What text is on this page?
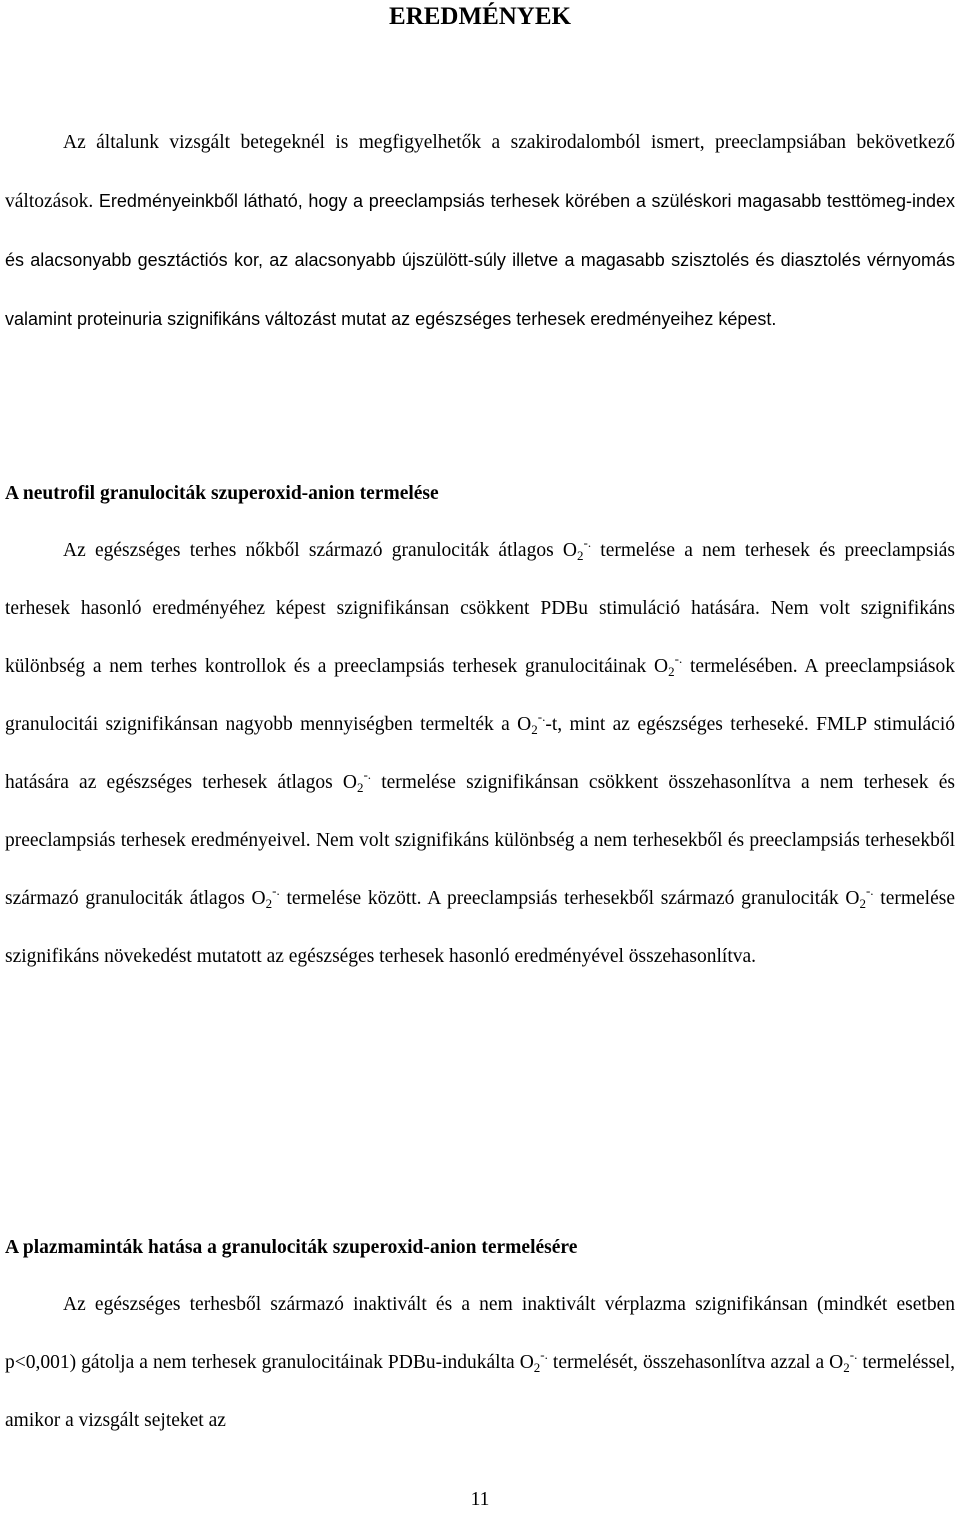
EREDMÉNYEK

Az általunk vizsgált betegeknél is megfigyelhetők a szakirodalomból ismert, preeclampsiában bekövetkező változások. Eredményeinkből látható, hogy a preeclampsiás terhesek körében a szüléskori magasabb testtömeg-index és alacsonyabb gesztáctiós kor, az alacsonyabb újszülött-súly illetve a magasabb szisztolés és diasztolés vérnyomás valamint proteinuria szignifikáns változást mutat az egészséges terhesek eredményeihez képest.

A neutrofil granulociták szuperoxid-anion termelése

Az egészséges terhes nőkből származó granulociták átlagos $O_2^{-.}$ termelése a nem terhesek és preeclampsiás terhesek hasonló eredményéhez képest szignifikánsan csökkent PDBu stimuláció hatására. Nem volt szignifikáns különbség a nem terhes kontrollok és a preeclampsiás terhesek granulocitáinak $O_2^{-.}$ termelésében. A preeclampsiások granulocitái szignifikánsan nagyobb mennyiségben termelték a $O_2^{-.}-t$, mint az egészséges terheseké. FMLP stimuláció hatására az egészséges terhesek átlagos $O_2^{-.}$ termelése szignifikánsan csökkent összehasonlítva a nem terhesek és preeclampsiás terhesek eredményeivel. Nem volt szignifikáns különbség a nem terhesekből és preeclampsiás terhesekből származó granulociták átlagos $O_2^{-.}$ termelése között. A preeclampsiás terhesekből származó granulociták $O_2^{-.}$ termelése szignifikáns növekedést mutatott az egészséges terhesek hasonló eredményével összehasonlítva.

A plazmaminták hatása a granulociták szuperoxid-anion termelésére

Az egészséges terhesből származó inaktivált és a nem inaktivált vérplazma szignifikánsan (mindkét esetben p<0,001) gátolja a nem terhesek granulocitáinak PDBu-indukálta $O_2^{-.}$ termelését, összehasonlítva azzal a $O_2^{-.}$ termeléssel, amikor a vizsgált sejteket az

11
